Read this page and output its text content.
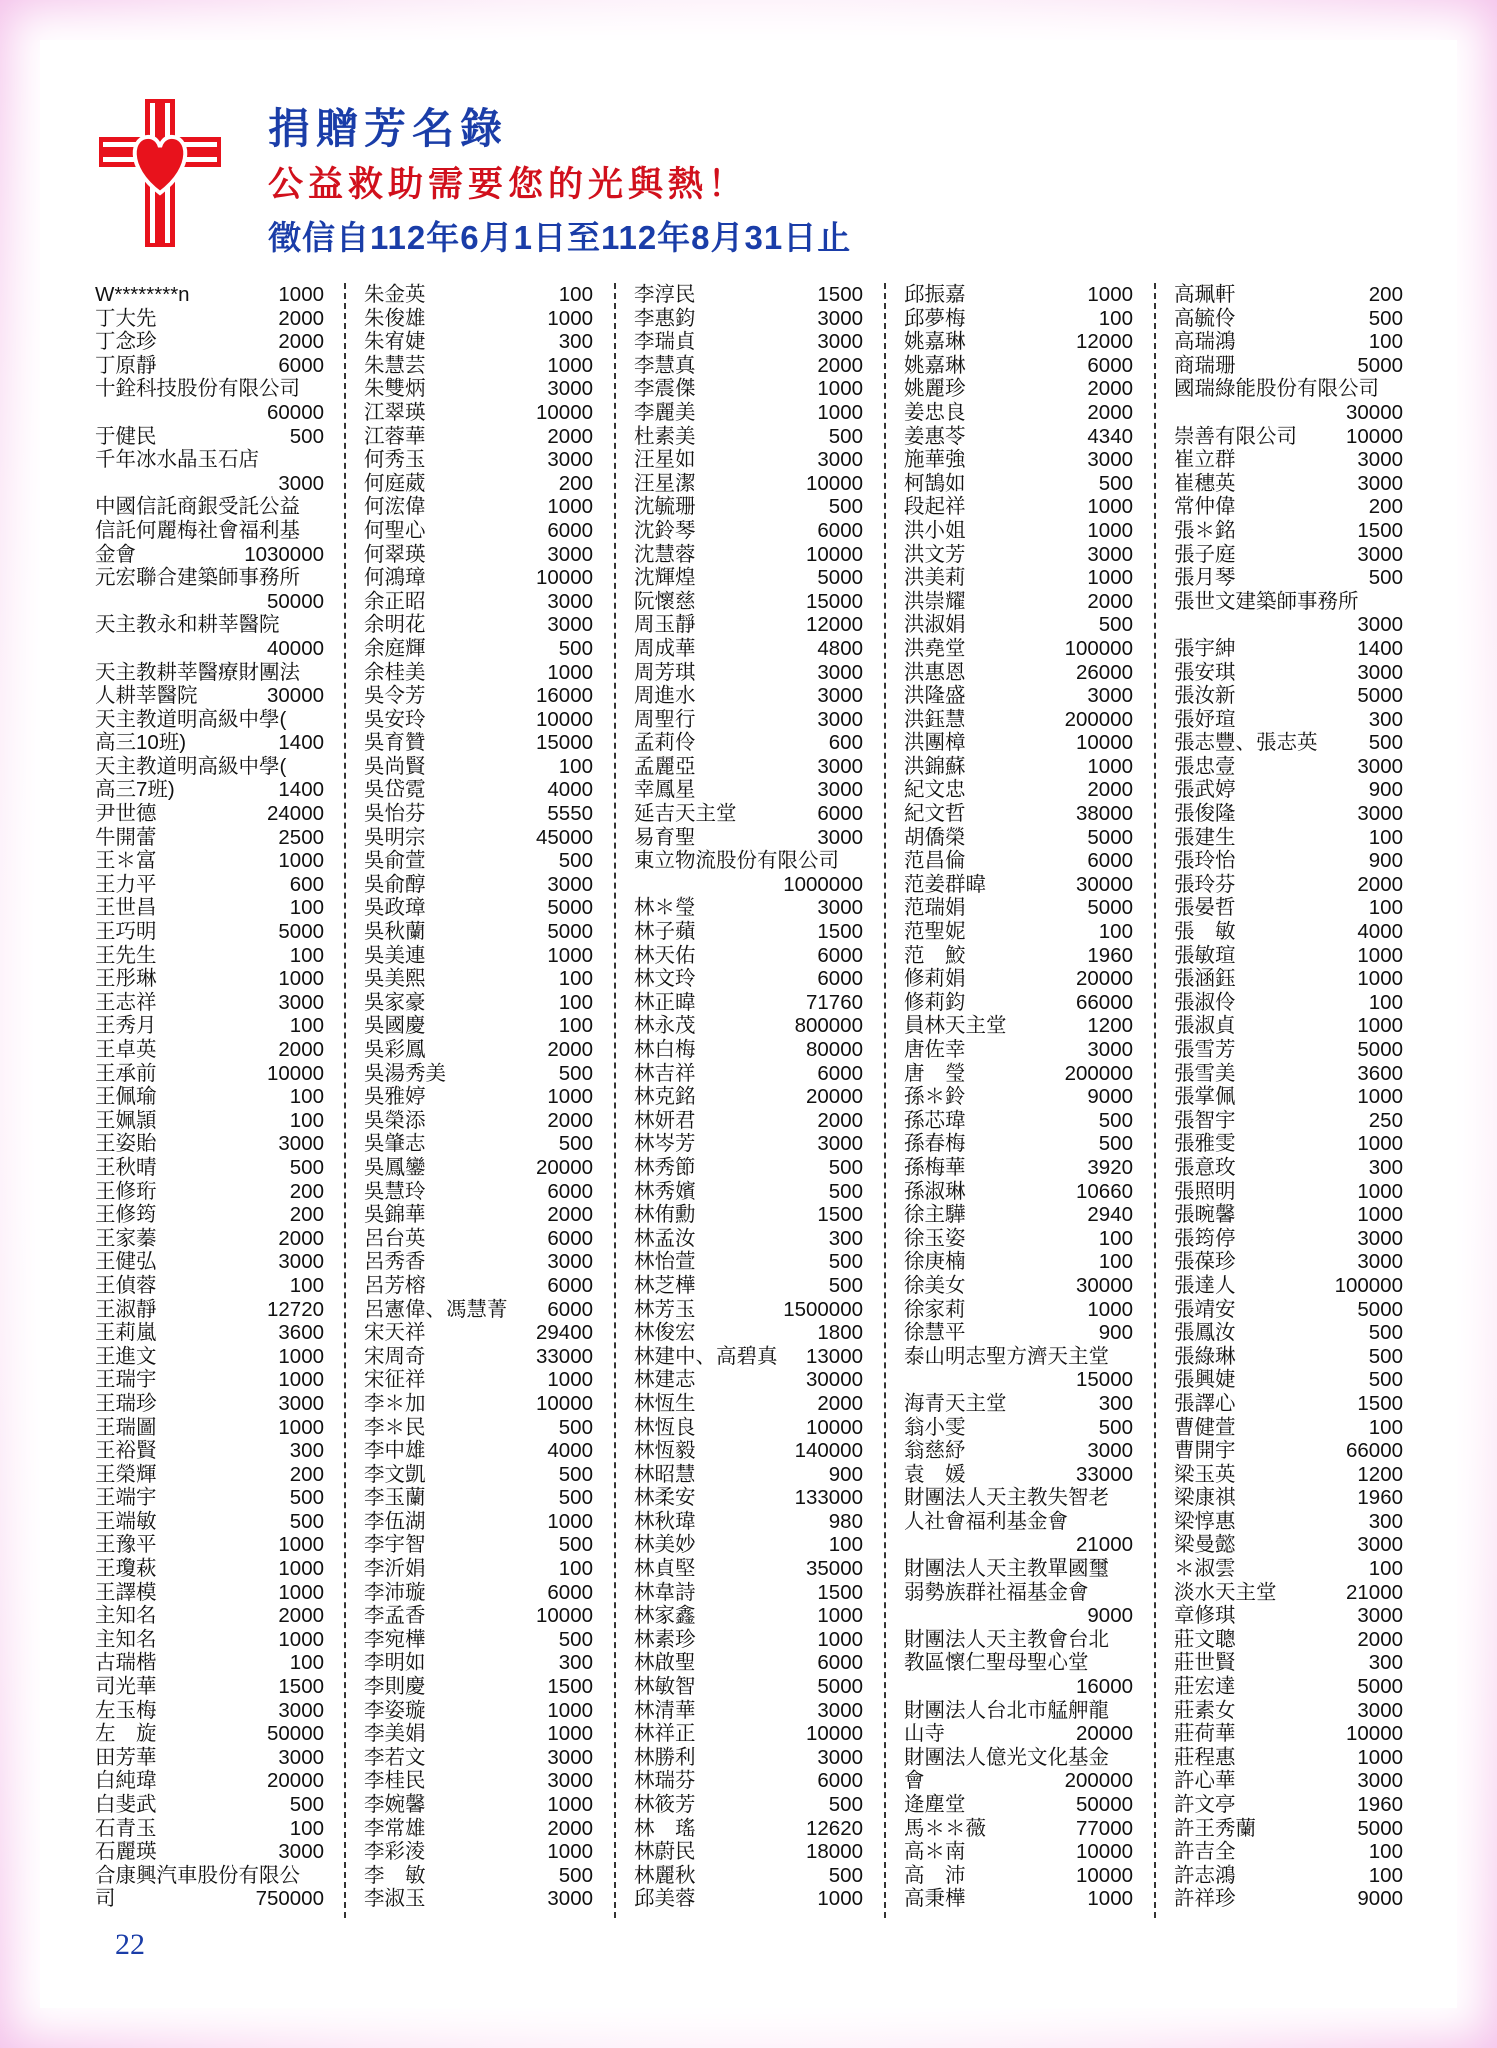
捐贈芳名錄
公益救助需要您的光與熱！
徵信自112年6月1日至112年8月31日止
W********n	1000
丁大先	2000
丁念珍	2000
丁原靜	6000
十銓科技股份有限公司
60000
于健民	500
千年冰水晶玉石店
3000
中國信託商銀受託公益
信託何麗梅社會福利基
金會	1030000
元宏聯合建築師事務所
50000
天主教永和耕莘醫院
40000
天主教耕莘醫療財團法
人耕莘醫院	30000
天主教道明高級中學(
高三10班)	1400
天主教道明高級中學(
高三7班)	1400
尹世德	24000
牛開蕾	2500
王＊富	1000
王力平	600
王世昌	100
王巧明	5000
王先生	100
王彤琳	1000
王志祥	3000
王秀月	100
王卓英	2000
王承前	10000
王佩瑜	100
王姵頴	100
王姿貽	3000
王秋晴	500
王修珩	200
王修筠	200
王家蓁	2000
王健弘	3000
王偵蓉	100
王淑靜	12720
王莉嵐	3600
王進文	1000
王瑞宇	1000
王瑞珍	3000
王瑞圖	1000
王裕賢	300
王榮輝	200
王端宇	500
王端敏	500
王豫平	1000
王瓊萩	1000
王譯模	1000
主知名	2000
主知名	1000
古瑞楷	100
司光華	1500
左玉梅	3000
左　旋	50000
田芳華	3000
白純瑋	20000
白斐武	500
石青玉	100
石麗瑛	3000
合康興汽車股份有限公
司	750000
朱金英	100
朱俊雄	1000
朱宥婕	300
朱慧芸	1000
朱雙炳	3000
江翠瑛	10000
江蓉華	2000
何秀玉	3000
何庭葳	200
何浤偉	1000
何聖心	6000
何翠瑛	3000
何鴻璋	10000
余正昭	3000
余明花	3000
余庭輝	500
余桂美	1000
吳令芳	16000
吳安玲	10000
吳育贊	15000
吳尚賢	100
吳岱霓	4000
吳怡芬	5550
吳明宗	45000
吳俞萱	500
吳俞醇	3000
吳政璋	5000
吳秋蘭	5000
吳美連	1000
吳美熙	100
吳家豪	100
吳國慶	100
吳彩鳳	2000
吳湯秀美	500
吳雅婷	1000
吳榮添	2000
吳肇志	500
吳鳳鑾	20000
吳慧玲	6000
吳錦華	2000
呂台英	6000
呂秀香	3000
呂芳榕	6000
呂憲偉、馮慧菁 6000
宋天祥	29400
宋周奇	33000
宋征祥	1000
李＊加	10000
李＊民	500
李中雄	4000
李文凱	500
李玉蘭	500
李伍湖	1000
李宇智	500
李沂娟	100
李沛璇	6000
李孟香	10000
李宛樺	500
李明如	300
李則慶	1500
李姿璇	1000
李美娟	1000
李若文	3000
李桂民	3000
李婉馨	1000
李常雄	2000
李彩淩	1000
李　敏	500
李淑玉	3000
李淳民	1500
李惠鈞	3000
李瑞貞	3000
李慧真	2000
李震傑	1000
李麗美	1000
杜素美	500
汪星如	3000
汪星潔	10000
沈毓珊	500
沈鈴琴	6000
沈慧蓉	10000
沈輝煌	5000
阮懷慈	15000
周玉靜	12000
周成華	4800
周芳琪	3000
周進水	3000
周聖行	3000
孟莉伶	600
孟麗亞	3000
幸鳳星	3000
延吉天主堂	6000
易育聖	3000
東立物流股份有限公司
1000000
林＊瑩	3000
林子蘋	1500
林天佑	6000
林文玲	6000
林正暐	71760
林永茂	800000
林白梅	80000
林吉祥	6000
林克銘	20000
林妍君	2000
林岑芳	3000
林秀節	500
林秀嬪	500
林侑勳	1500
林孟汝	300
林怡萱	500
林芝樺	500
林芳玉	1500000
林俊宏	1800
林建中、高碧真 13000
林建志	30000
林恆生	2000
林恆良	10000
林恆毅	140000
林昭慧	900
林柔安	133000
林秋瑋	980
林美妙	100
林貞堅	35000
林韋詩	1500
林家鑫	1000
林素珍	1000
林啟聖	6000
林敏智	5000
林清華	3000
林祥正	10000
林勝利	3000
林瑞芬	6000
林筱芳	500
林　瑤	12620
林蔚民	18000
林麗秋	500
邱美蓉	1000
邱振嘉	1000
邱夢梅	100
姚嘉琳	12000
姚嘉琳	6000
姚麗珍	2000
姜忠良	2000
姜惠苓	4340
施華強	3000
柯鵠如	500
段起祥	1000
洪小姐	1000
洪文芳	3000
洪美莉	1000
洪崇耀	2000
洪淑娟	500
洪堯堂	100000
洪惠恩	26000
洪隆盛	3000
洪鈺慧	200000
洪團樟	10000
洪錦蘇	1000
紀文忠	2000
紀文哲	38000
胡僑榮	5000
范昌倫	6000
范姜群暐	30000
范瑞娟	5000
范聖妮	100
范　鮫	1960
修莉娟	20000
修莉鈞	66000
員林天主堂	1200
唐佐幸	3000
唐　瑩	200000
孫＊鈴	9000
孫芯瑋	500
孫春梅	500
孫梅華	3920
孫淑琳	10660
徐主驊	2940
徐玉姿	100
徐庚楠	100
徐美女	30000
徐家莉	1000
徐慧平	900
泰山明志聖方濟天主堂
15000
海青天主堂	300
翁小雯	500
翁慈紓	3000
袁　媛	33000
財團法人天主教失智老
人社會福利基金會
21000
財團法人天主教單國璽
弱勢族群社福基金會
9000
財團法人天主教會台北
教區懷仁聖母聖心堂
16000
財團法人台北市艋舺龍
山寺	20000
財團法人億光文化基金
會	200000
逄塵堂	50000
馬＊＊薇	77000
高＊南	10000
高　沛	10000
高秉樺	1000
高珮軒	200
高毓伶	500
高瑞鴻	100
商瑞珊	5000
國瑞綠能股份有限公司
30000
崇善有限公司 10000
崔立群	3000
崔穗英	3000
常仲偉	200
張＊銘	1500
張子庭	3000
張月琴	500
張世文建築師事務所
3000
張宇紳	1400
張安琪	3000
張汝新	5000
張妤瑄	300
張志豐、張志英	500
張忠壹	3000
張武婷	900
張俊隆	3000
張建生	100
張玲怡	900
張玲芬	2000
張晏哲	100
張　敏	4000
張敏瑄	1000
張涵鈺	1000
張淑伶	100
張淑貞	1000
張雪芳	5000
張雪美	3600
張掌佩	1000
張智宇	250
張雅雯	1000
張意玫	300
張照明	1000
張晼馨	1000
張筠停	3000
張葆珍	3000
張達人	100000
張靖安	5000
張鳳汝	500
張綠琳	500
張興婕	500
張譯心	1500
曹健萱	100
曹開宇	66000
梁玉英	1200
梁康祺	1960
梁惇惠	300
梁曼懿	3000
＊淑雲	100
淡水天主堂	21000
章修琪	3000
莊文聰	2000
莊世賢	300
莊宏達	5000
莊素女	3000
莊荷華	10000
莊程惠	1000
許心華	3000
許文亭	1960
許王秀蘭	5000
許吉全	100
許志鴻	100
許祥珍	9000
22
